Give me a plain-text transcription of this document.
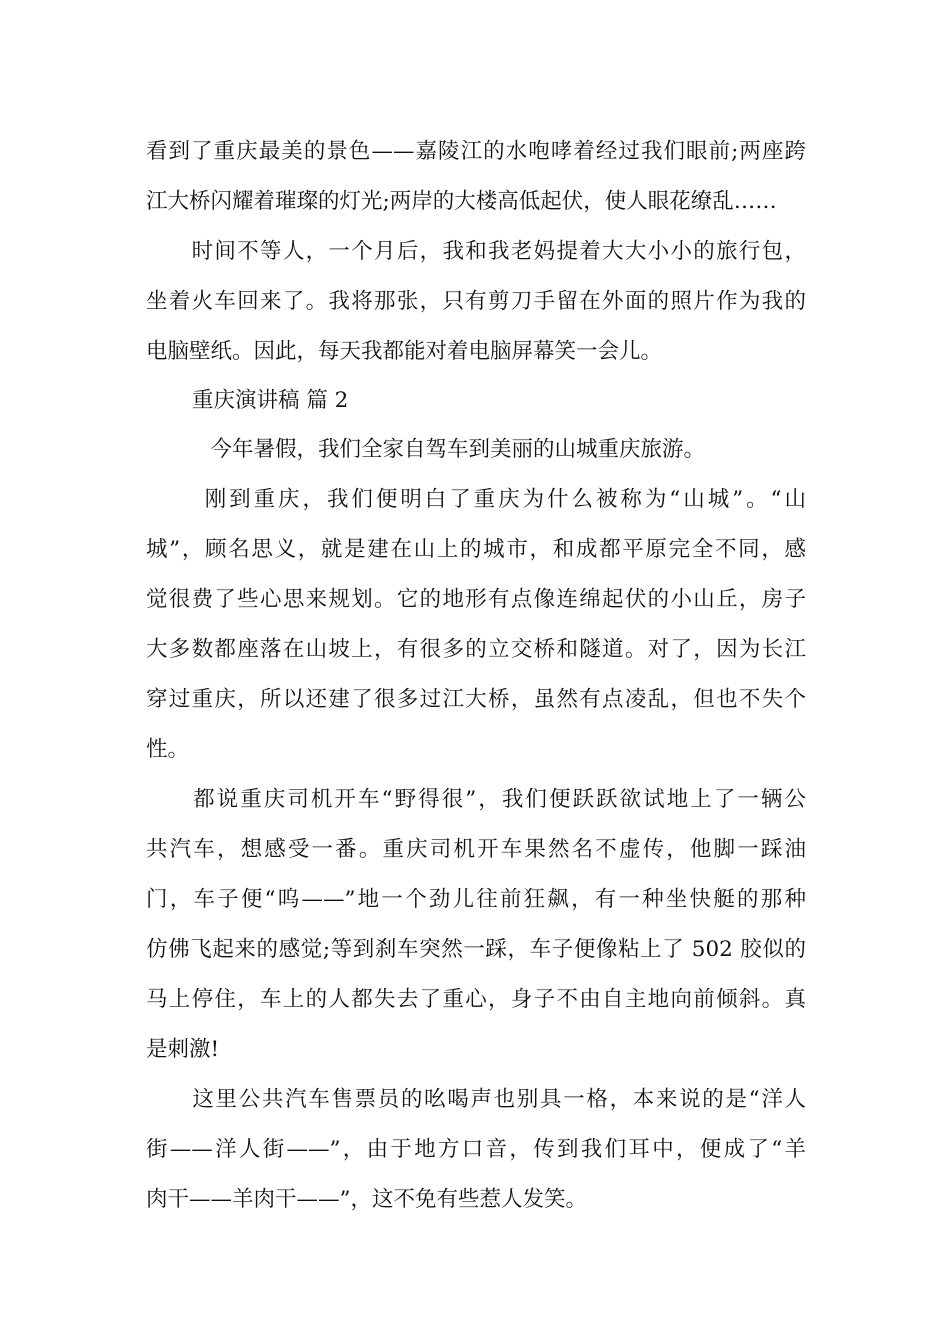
看到了重庆最美的景色——嘉陵江的水咆哮着经过我们眼前;两座跨
江大桥闪耀着璀璨的灯光;两岸的大楼高低起伏，使人眼花缭乱……
　　时间不等人，一个月后，我和我老妈提着大大小小的旅行包，
坐着火车回来了。我将那张，只有剪刀手留在外面的照片作为我的
电脑壁纸。因此，每天我都能对着电脑屏幕笑一会儿。
重庆演讲稿 篇 2
　　　今年暑假，我们全家自驾车到美丽的山城重庆旅游。
　　 刚到重庆，我们便明白了重庆为什么被称为“山城”。“山
城”，顾名思义，就是建在山上的城市，和成都平原完全不同，感
觉很费了些心思来规划。它的地形有点像连绵起伏的小山丘，房子
大多数都座落在山坡上，有很多的立交桥和隧道。对了，因为长江
穿过重庆，所以还建了很多过江大桥，虽然有点凌乱，但也不失个
性。
　　都说重庆司机开车“野得很”，我们便跃跃欲试地上了一辆公
共汽车，想感受一番。重庆司机开车果然名不虚传，他脚一踩油
门，车子便“呜——”地一个劲儿往前狂飙，有一种坐快艇的那种
仿佛飞起来的感觉;等到刹车突然一踩，车子便像粘上了 502 胶似的
马上停住，车上的人都失去了重心，身子不由自主地向前倾斜。真
是刺激!
　　这里公共汽车售票员的吆喝声也别具一格，本来说的是“洋人
街——洋人街——”，由于地方口音，传到我们耳中，便成了“羊
肉干——羊肉干——”，这不免有些惹人发笑。
